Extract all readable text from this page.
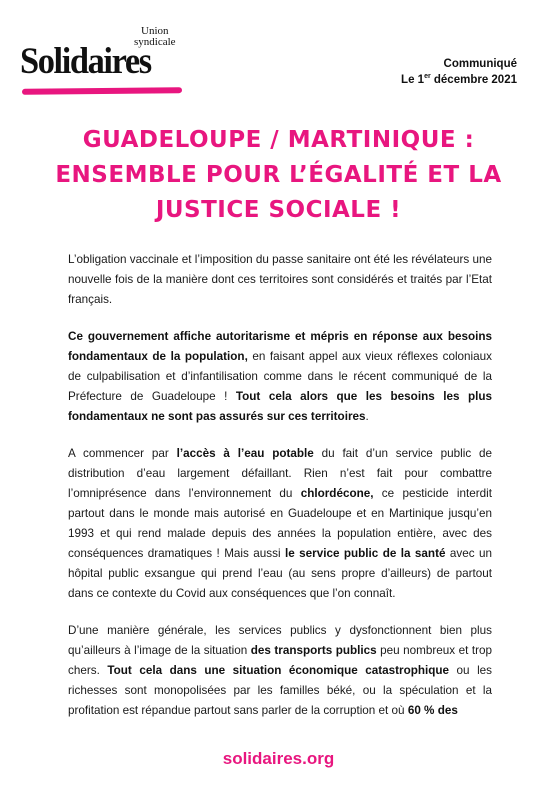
Union
syndicale
Solidaires	Communiqué
Le 1er décembre 2021
GUADELOUPE / MARTINIQUE :
ENSEMBLE POUR L’ÉGALITÉ ET LA
JUSTICE SOCIALE !

L’obligation vaccinale et l’imposition du passe sanitaire ont été les révélateurs une nouvelle fois de la manière dont ces territoires sont considérés et traités par l’Etat français.

Ce gouvernement affiche autoritarisme et mépris en réponse aux besoins fondamentaux de la population, en faisant appel aux vieux réflexes coloniaux de culpabilisation et d’infantilisation comme dans le récent communiqué de la Préfecture de Guadeloupe ! Tout cela alors que les besoins les plus fondamentaux ne sont pas assurés sur ces territoires.

A commencer par l’accès à l’eau potable du fait d’un service public de distribution d’eau largement défaillant. Rien n’est fait pour combattre l’omniprésence dans l’environnement du chlordécone, ce pesticide interdit partout dans le monde mais autorisé en Guadeloupe et en Martinique jusqu’en 1993 et qui rend malade depuis des années la population entière, avec des conséquences dramatiques ! Mais aussi le service public de la santé avec un hôpital public exsangue qui prend l’eau (au sens propre d’ailleurs) de partout dans ce contexte du Covid aux conséquences que l’on connaît.

D’une manière générale, les services publics y dysfonctionnent bien plus qu’ailleurs à l’image de la situation des transports publics peu nombreux et trop chers. Tout cela dans une situation économique catastrophique ou les richesses sont monopolisées par les familles béké, ou la spéculation et la profitation est répandue partout sans parler de la corruption et où 60 % des

solidaires.org
